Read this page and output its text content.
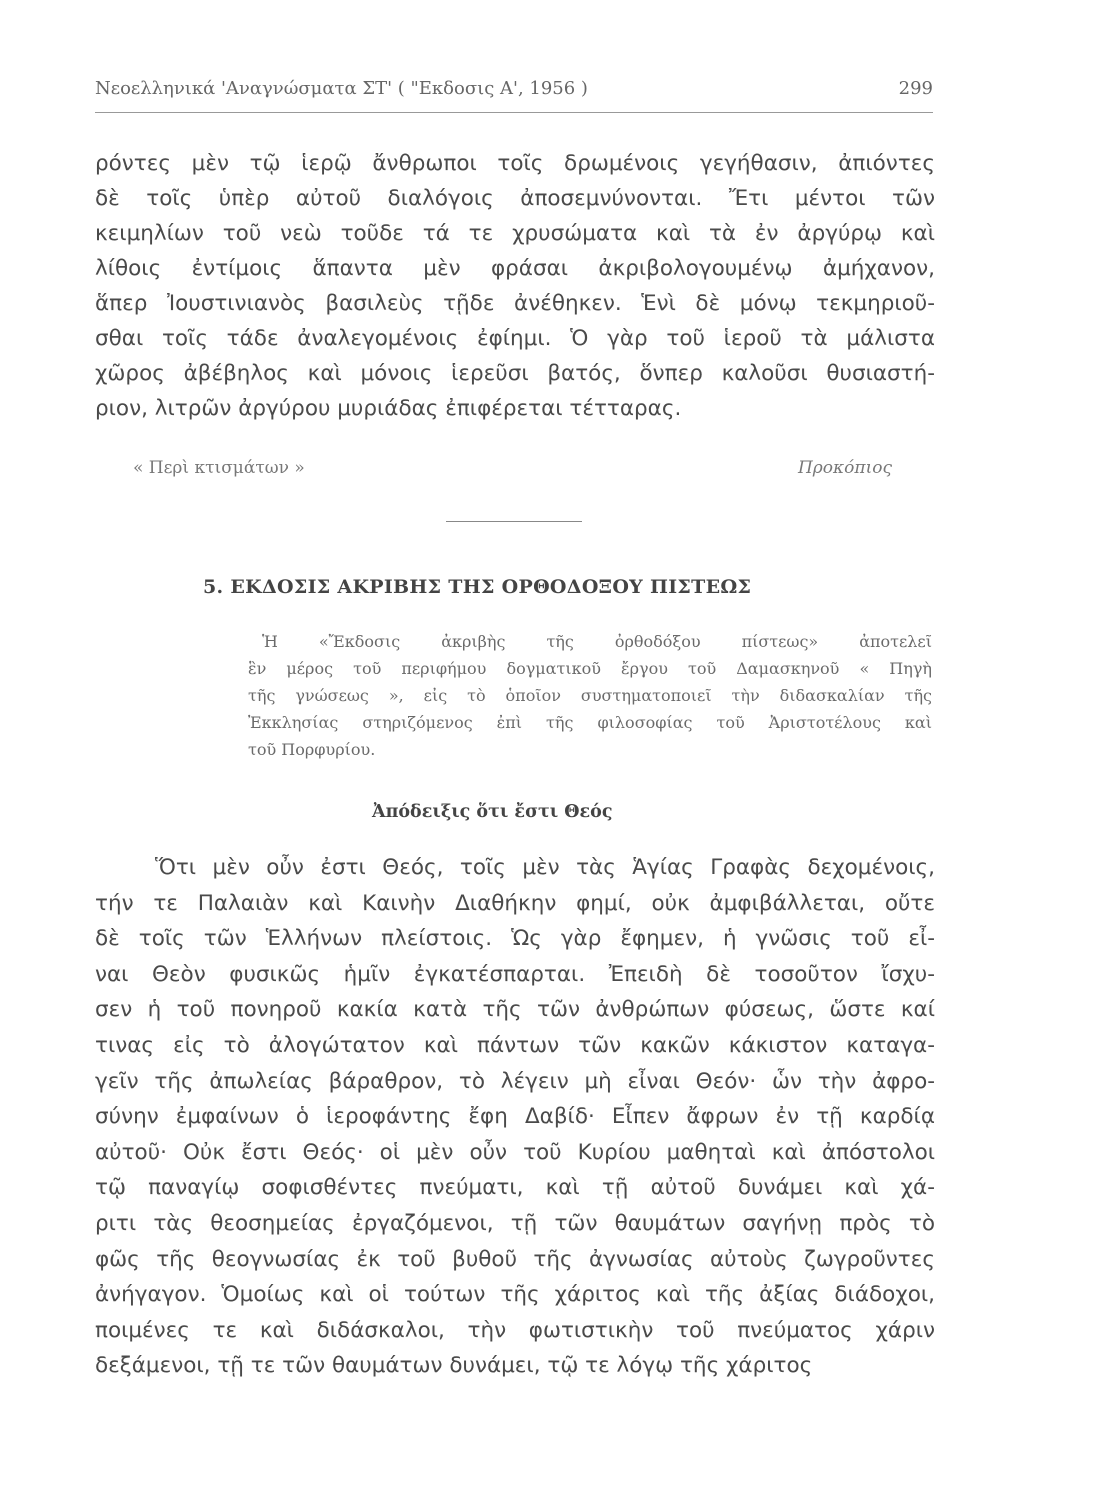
Νεοελληνικά 'Αναγνώσματα ΣΤ' ( "Εκδοσις Α', 1956 )	299
ρόντες μὲν τῷ ἱερῷ ἄνθρωποι τοῖς δρωμένοις γεγήθασιν, ἀπιόντες
δὲ τοῖς ὑπὲρ αὐτοῦ διαλόγοις ἀποσεμνύνονται. Ἔτι μέντοι τῶν
κειμηλίων τοῦ νεὼ τοῦδε τά τε χρυσώματα καὶ τὰ ἐν ἀργύρῳ καὶ
λίθοις ἐντίμοις ἅπαντα μὲν φράσαι ἀκριβολογουμένῳ ἀμήχανον,
ἅπερ Ἰουστινιανὸς βασιλεὺς τῇδε ἀνέθηκεν. Ἑνὶ δὲ μόνῳ τεκμηριοῦ-
σθαι τοῖς τάδε ἀναλεγομένοις ἐφίημι. Ὁ γὰρ τοῦ ἱεροῦ τὰ μάλιστα
χῶρος ἀβέβηλος καὶ μόνοις ἱερεῦσι βατός, ὅνπερ καλοῦσι θυσιαστή-
ριον, λιτρῶν ἀργύρου μυριάδας ἐπιφέρεται τέτταρας.
« Περὶ κτισμάτων »	Προκόπιος
5. ΕΚΔΟΣΙΣ ΑΚΡΙΒΗΣ ΤΗΣ ΟΡΘΟΔΟΞΟΥ ΠΙΣΤΕΩΣ
Ἡ «Ἔκδοσις ἀκριβὴς τῆς ὀρθοδόξου πίστεως» ἀποτελεῖ
ἓν μέρος τοῦ περιφήμου δογματικοῦ ἔργου τοῦ Δαμασκηνοῦ « Πηγὴ
τῆς γνώσεως », εἰς τὸ ὁποῖον συστηματοποιεῖ τὴν διδασκαλίαν τῆς
Ἐκκλησίας στηριζόμενος ἐπὶ τῆς φιλοσοφίας τοῦ Ἀριστοτέλους καὶ
τοῦ Πορφυρίου.
Ἀπόδειξις ὅτι ἔστι Θεός
Ὅτι μὲν οὖν ἐστι Θεός, τοῖς μὲν τὰς Ἁγίας Γραφὰς δεχομένοις,
τήν τε Παλαιὰν καὶ Καινὴν Διαθήκην φημί, οὐκ ἀμφιβάλλεται, οὔτε
δὲ τοῖς τῶν Ἑλλήνων πλείστοις. Ὡς γὰρ ἔφημεν, ἡ γνῶσις τοῦ εἶ-
ναι Θεὸν φυσικῶς ἡμῖν ἐγκατέσπαρται. Ἐπειδὴ δὲ τοσοῦτον ἴσχυ-
σεν ἡ τοῦ πονηροῦ κακία κατὰ τῆς τῶν ἀνθρώπων φύσεως, ὥστε καί
τινας εἰς τὸ ἀλογώτατον καὶ πάντων τῶν κακῶν κάκιστον καταγα-
γεῖν τῆς ἀπωλείας βάραθρον, τὸ λέγειν μὴ εἶναι Θεόν· ὧν τὴν ἀφρο-
σύνην ἐμφαίνων ὁ ἱεροφάντης ἔφη Δαβίδ· Εἶπεν ἄφρων ἐν τῇ καρδίᾳ
αὐτοῦ· Οὐκ ἔστι Θεός· οἱ μὲν οὖν τοῦ Κυρίου μαθηταὶ καὶ ἀπόστολοι
τῷ παναγίῳ σοφισθέντες πνεύματι, καὶ τῇ αὐτοῦ δυνάμει καὶ χά-
ριτι τὰς θεοσημείας ἐργαζόμενοι, τῇ τῶν θαυμάτων σαγήνῃ πρὸς τὸ
φῶς τῆς θεογνωσίας ἐκ τοῦ βυθοῦ τῆς ἀγνωσίας αὐτοὺς ζωγροῦντες
ἀνήγαγον. Ὁμοίως καὶ οἱ τούτων τῆς χάριτος καὶ τῆς ἀξίας διάδοχοι,
ποιμένες τε καὶ διδάσκαλοι, τὴν φωτιστικὴν τοῦ πνεύματος χάριν
δεξάμενοι, τῇ τε τῶν θαυμάτων δυνάμει, τῷ τε λόγῳ τῆς χάριτος
